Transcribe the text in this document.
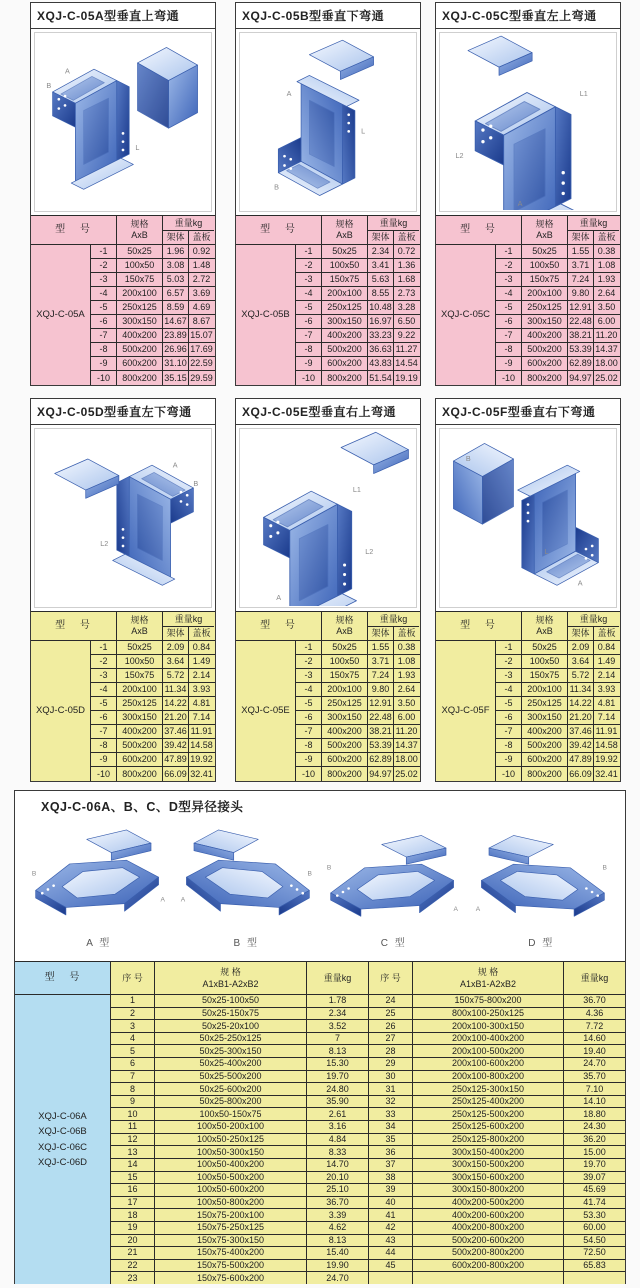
XQJ-C-05A型垂直上弯通
A
B
L
型 号	规格
AxB
重量kg
架体 盖板
XQJ-C-05A
-1	50x25	1.96 0.92
-2	100x50	3.08 1.48
-3	150x75	5.03 2.72
-4	200x100	6.57 3.69
-5	250x125	8.59 4.69
-6	300x150 14.67 8.67
-7	400x200 23.89 15.07
-8	500x200 26.96 17.69
-9	600x200 31.10 22.59
-10	800x200 35.15 29.59
XQJ-C-05B型垂直下弯通
A
L
B
型 号	规格
AxB
重量kg
架体 盖板
XQJ-C-05B
-1	50x25	2.34 0.72
-2	100x50	3.41 1.36
-3	150x75	5.63 1.68
-4	200x100	8.55 2.73
-5	250x125 10.48 3.28
-6	300x150 16.97 6.50
-7	400x200 33.23 9.22
-8	500x200 36.63 11.27
-9	600x200 43.83 14.54
-10	800x200 51.54 19.19
XQJ-C-05C型垂直左上弯通
L1
L2
A
型 号	规格
AxB
重量kg
架体 盖板
XQJ-C-05C
-1	50x25	1.55 0.38
-2	100x50	3.71 1.08
-3	150x75	7.24 1.93
-4	200x100	9.80 2.64
-5	250x125 12.91 3.50
-6	300x150 22.48 6.00
-7	400x200 38.21 11.20
-8	500x200 53.39 14.37
-9	600x200 62.89 18.00
-10	800x200 94.97 25.02
XQJ-C-05D型垂直左下弯通
A
B
L2
型 号	规格
AxB
重量kg
架体 盖板
XQJ-C-05D
-1	50x25	2.09 0.84
-2	100x50	3.64 1.49
-3	150x75	5.72 2.14
-4	200x100 11.34 3.93
-5	250x125 14.22 4.81
-6	300x150 21.20 7.14
-7	400x200 37.46 11.91
-8	500x200 39.42 14.58
-9	600x200 47.89 19.92
-10	800x200 66.09 32.41
XQJ-C-05E型垂直右上弯通
L1
L2
A
型 号	规格
AxB
重量kg
架体 盖板
XQJ-C-05E
-1	50x25	1.55 0.38
-2	100x50	3.71 1.08
-3	150x75	7.24 1.93
-4	200x100	9.80 2.64
-5	250x125 12.91 3.50
-6	300x150 22.48 6.00
-7	400x200 38.21 11.20
-8	500x200 53.39 14.37
-9	600x200 62.89 18.00
-10	800x200 94.97 25.02
XQJ-C-05F型垂直右下弯通
B
L
A
型 号	规格
AxB
重量kg
架体 盖板
XQJ-C-05F
-1	50x25	2.09 0.84
-2	100x50	3.64 1.49
-3	150x75	5.72 2.14
-4	200x100 11.34 3.93
-5	250x125 14.22 4.81
-6	300x150 21.20 7.14
-7	400x200 37.46 11.91
-8	500x200 39.42 14.58
-9	600x200 47.89 19.92
-10	800x200 66.09 32.41
XQJ-C-06A、B、C、D型异径接头
B
A
A 型
A
B
B 型
B
A
C 型
A
B
D 型
型 号	序 号
规 格
A1xB1-A2xB2
重量kg	序 号
规 格
A1xB1-A2xB2
重量kg
XQJ-C-06A
XQJ-C-06B
XQJ-C-06C
XQJ-C-06D
1	50x25-100x50	1.78	24	150x75-800x200	36.70
2	50x25-150x75	2.34	25	800x100-250x125	4.36
3	50x25-20x100	3.52	26	200x100-300x150	7.72
4	50x25-250x125	7	27	200x100-400x200	14.60
5	50x25-300x150	8.13	28	200x100-500x200	19.40
6	50x25-400x200	15.30	29	200x100-600x200	24.70
7	50x25-500x200	19.70	30	200x100-800x200	35.70
8	50x25-600x200	24.80	31	250x125-300x150	7.10
9	50x25-800x200	35.90	32	250x125-400x200	14.10
10	100x50-150x75	2.61	33	250x125-500x200	18.80
11	100x50-200x100	3.16	34	250x125-600x200	24.30
12	100x50-250x125	4.84	35	250x125-800x200	36.20
13	100x50-300x150	8.33	36	300x150-400x200	15.00
14	100x50-400x200	14.70	37	300x150-500x200	19.70
15	100x50-500x200	20.10	38	300x150-600x200	39.07
16	100x50-600x200	25.10	39	300x150-800x200	45.69
17	100x50-800x200	36.70	40	400x200-500x200	41.74
18	150x75-200x100	3.39	41	400x200-600x200	53.30
19	150x75-250x125	4.62	42	400x200-800x200	60.00
20	150x75-300x150	8.13	43	500x200-600x200	54.50
21	150x75-400x200	15.40	44	500x200-800x200	72.50
22	150x75-500x200	19.90	45	600x200-800x200	65.83
23	150x75-600x200	24.70
